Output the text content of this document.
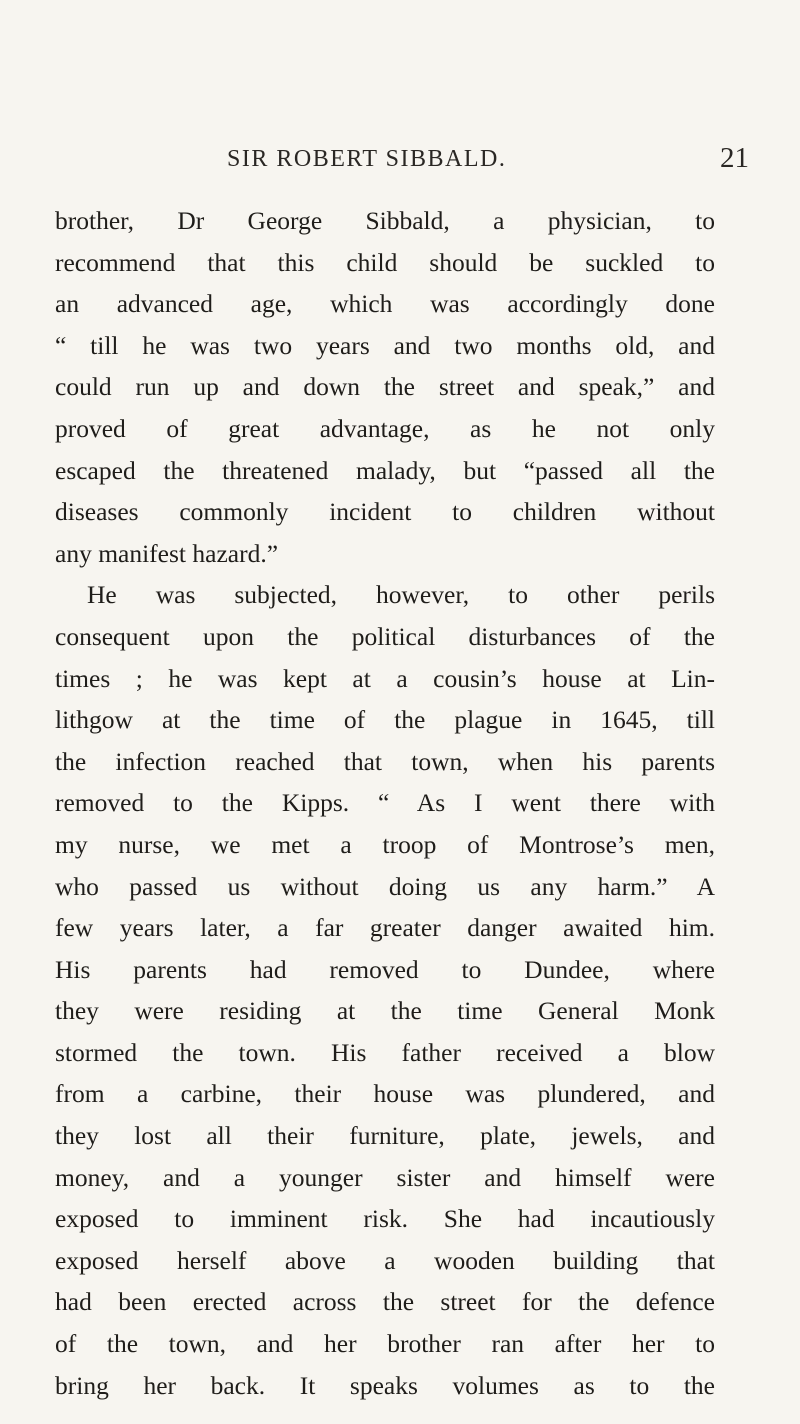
SIR ROBERT SIBBALD.	21
brother, Dr George Sibbald, a physician, to
recommend that this child should be suckled to
an advanced age, which was accordingly done
“ till he was two years and two months old, and
could run up and down the street and speak,” and
proved of great advantage, as he not only
escaped the threatened malady, but “passed all the
diseases commonly incident to children without
any manifest hazard.”
He was subjected, however, to other perils
consequent upon the political disturbances of the
times ; he was kept at a cousin’s house at Lin-
lithgow at the time of the plague in 1645, till
the infection reached that town, when his parents
removed to the Kipps. “ As I went there with
my nurse, we met a troop of Montrose’s men,
who passed us without doing us any harm.” A
few years later, a far greater danger awaited him.
His parents had removed to Dundee, where
they were residing at the time General Monk
stormed the town. His father received a blow
from a carbine, their house was plundered, and
they lost all their furniture, plate, jewels, and
money, and a younger sister and himself were
exposed to imminent risk. She had incautiously
exposed herself above a wooden building that
had been erected across the street for the defence
of the town, and her brother ran after her to
bring her back. It speaks volumes as to the
